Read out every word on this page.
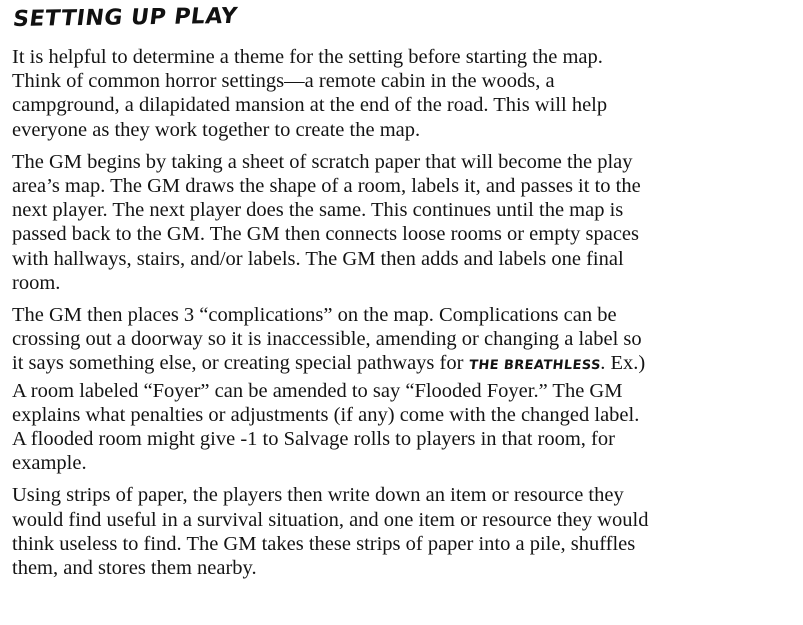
SETTING UP PLAY
It is helpful to determine a theme for the setting before starting the map.
Think of common horror settings—a remote cabin in the woods, a
campground, a dilapidated mansion at the end of the road. This will help
everyone as they work together to create the map.
The GM begins by taking a sheet of scratch paper that will become the play
area’s map. The GM draws the shape of a room, labels it, and passes it to the
next player. The next player does the same. This continues until the map is
passed back to the GM. The GM then connects loose rooms or empty spaces
with hallways, stairs, and/or labels. The GM then adds and labels one final
room.
The GM then places 3 “complications” on the map. Complications can be
crossing out a doorway so it is inaccessible, amending or changing a label so
it says something else, or creating special pathways for THE BREATHLESS. Ex.)
A room labeled “Foyer” can be amended to say “Flooded Foyer.” The GM
explains what penalties or adjustments (if any) come with the changed label.
A flooded room might give -1 to Salvage rolls to players in that room, for
example.
Using strips of paper, the players then write down an item or resource they
would find useful in a survival situation, and one item or resource they would
think useless to find. The GM takes these strips of paper into a pile, shuffles
them, and stores them nearby.
